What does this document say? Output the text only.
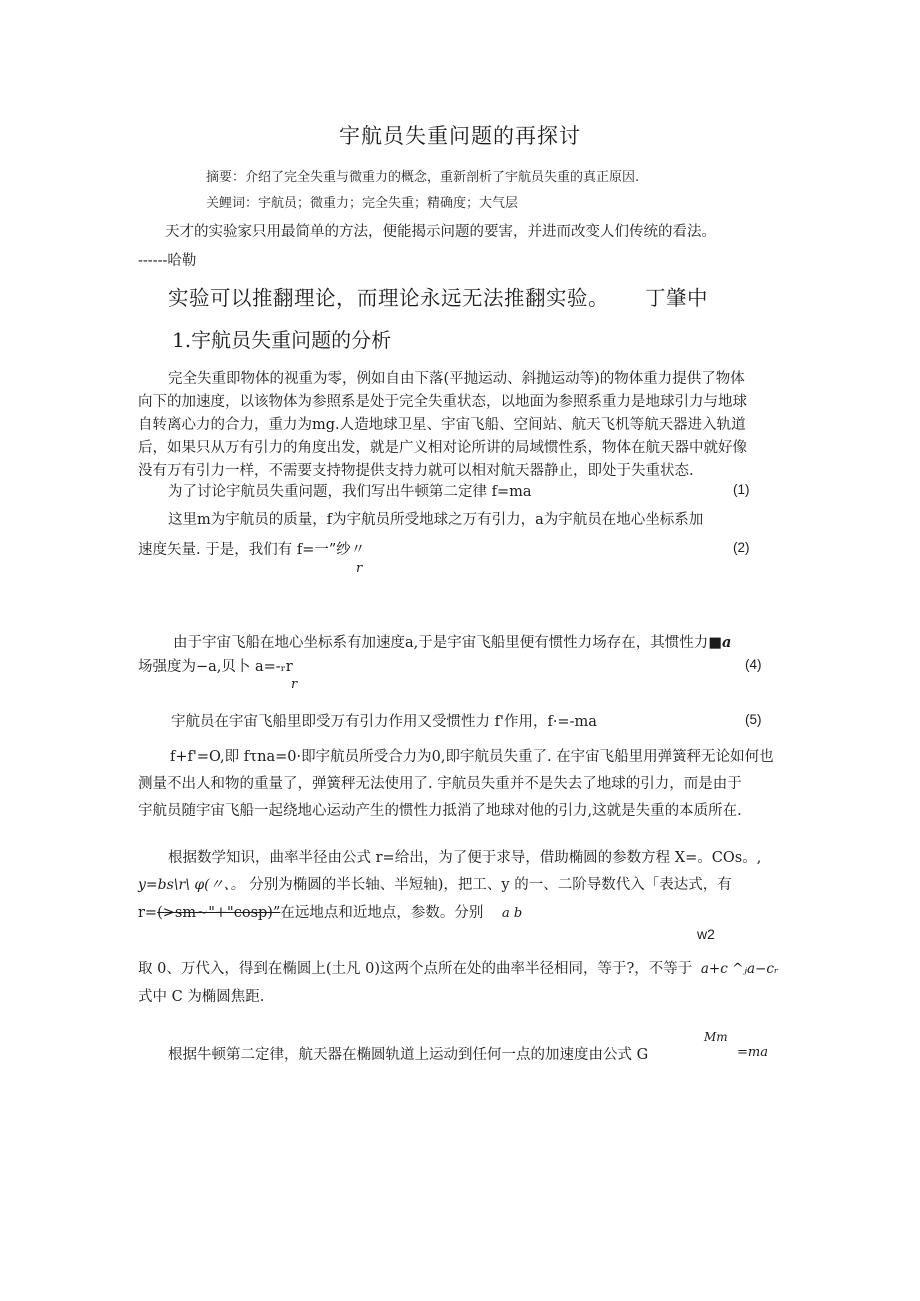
宇航员失重问题的再探讨
摘要：介绍了完全失重与微重力的概念，重新剖析了宇航员失重的真正原因.
关鲤词：宇航员；微重力；完全失重；精确度；大气层
天才的实验家只用最简单的方法，便能揭示问题的要害，并进而改变人们传统的看法。
------哈勒
实验可以推翻理论，而理论永远无法推翻实验。 丁肇中
1.宇航员失重问题的分析

完全失重即物体的视重为零，例如自由下落(平抛运动、斜抛运动等)的物体重力提供了物体

向下的加速度，以该物体为参照系是处于完全失重状态，以地面为参照系重力是地球引力与地球

自转离心力的合力，重力为mg.人造地球卫星、宇宙飞船、空间站、航天飞机等航天器进入轨道

后，如果只从万有引力的角度出发，就是广义相对论所讲的局域惯性系，物体在航天器中就好像

没有万有引力一样，不需要支持物提供支持力就可以相对航天器静止，即处于失重状态.

为了讨论宇航员失重问题，我们写出牛顿第二定律 f=ma	(1)
这里m为宇航员的质量，f为宇航员所受地球之万有引力，a为宇航员在地心坐标系加
速度矢量. 于是，我们有 f=一”纱〃	(2)
r
由于宇宙飞船在地心坐标系有加速度a,于是宇宙飞船里便有惯性力场存在，其惯性力■a
场强度为−a,贝卜 a=-ᵣr	(4)
r
宇航员在宇宙飞船里即受万有引力作用又受惯性力 f'作用，f·=-ma	(5)

f+f'=O,即 fτna=0·即宇航员所受合力为0,即宇航员失重了. 在宇宙飞船里用弹簧秤无论如何也

测量不出人和物的重量了，弹簧秤无法使用了. 宇航员失重并不是失去了地球的引力，而是由于

宇航员随宇宙飞船一起绕地心运动产生的惯性力抵消了地球对他的引力,这就是失重的本质所在.

根据数学知识，曲率半径由公式 r=给出，为了便于求导，借助椭圆的参数方程 X=。COs。,
y=bs\r\ φ(〃、。 分别为椭圆的半长轴、半短轴)，把工、y 的一、二阶导数代入「表达式，有
r=(>sm~"+"cosp)”在远地点和近地点，参数。分别 a b
w2
取 0、万代入，得到在椭圆上(土凡 0)这两个点所在处的曲率半径相同，等于?，不等于 a+c ^ⱼa−cᵣ
式中 C 为椭圆焦距.
根据牛顿第二定律，航天器在椭圆轨道上运动到任何一点的加速度由公式 G
Mm
=ma
